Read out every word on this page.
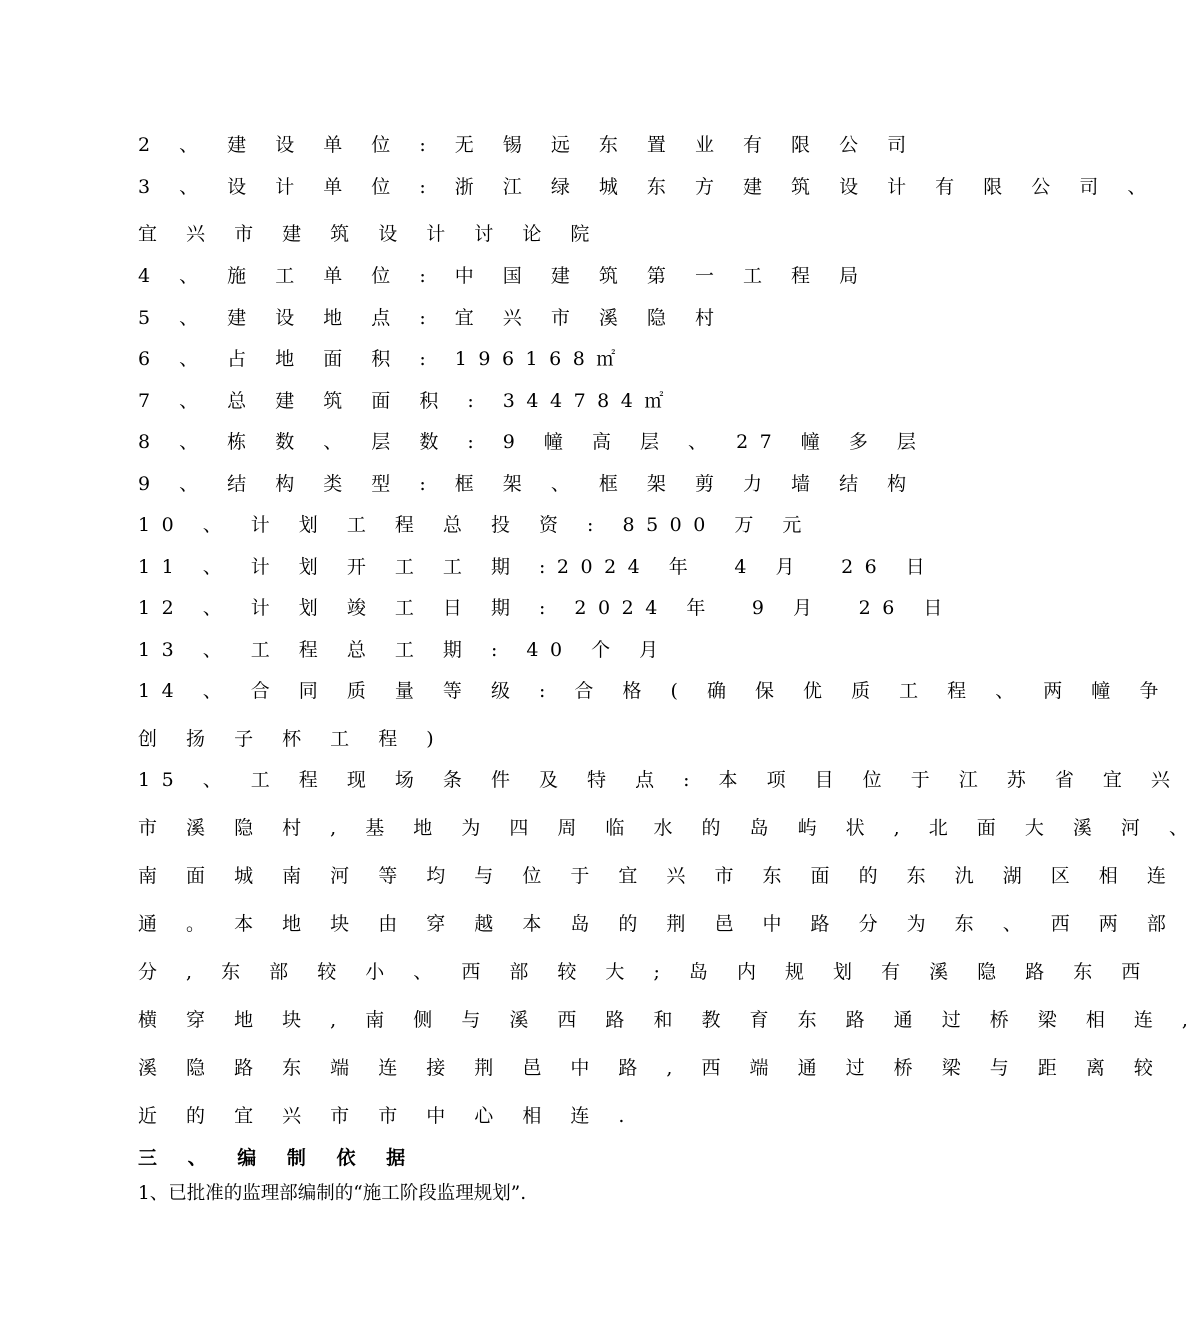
2 、 建 设 单 位 : 无 锡 远 东 置 业 有 限 公 司
3 、 设 计 单 位 : 浙 江 绿 城 东 方 建 筑 设 计 有 限 公 司 、
宜 兴 市 建 筑 设 计 讨 论 院
4 、 施 工 单 位 : 中 国 建 筑 第 一 工 程 局
5 、 建 设 地 点 : 宜 兴 市 溪 隐 村
6 、 占 地 面 积 : 196168㎡
7 、 总 建 筑 面 积 : 344784㎡
8 、 栋 数 、 层 数 : 9 幢 高 层 、 27 幢 多 层
9 、 结 构 类 型 : 框 架 、 框 架 剪 力 墙 结 构
10 、 计 划 工 程 总 投 资 : 8500 万 元
11 、 计 划 开 工 工 期 :2024 年  4 月  26 日
12 、 计 划 竣 工 日 期 : 2024 年  9 月  26 日
13 、 工 程 总 工 期 : 40 个 月
14 、 合 同 质 量 等 级 : 合 格 ( 确 保 优 质 工 程 、 两 幢 争
创 扬 子 杯 工 程 )
15 、 工 程 现 场 条 件 及 特 点 : 本 项 目 位 于 江 苏 省 宜 兴
市 溪 隐 村 , 基 地 为 四 周 临 水 的 岛 屿 状 , 北 面 大 溪 河 、
南 面 城 南 河 等 均 与 位 于 宜 兴 市 东 面 的 东 氿 湖 区 相 连
通 。 本 地 块 由 穿 越 本 岛 的 荆 邑 中 路 分 为 东 、 西 两 部
分 , 东 部 较 小 、 西 部 较 大 ; 岛 内 规 划 有 溪 隐 路 东 西
横 穿 地 块 , 南 侧 与 溪 西 路 和 教 育 东 路 通 过 桥 梁 相 连 ,
溪 隐 路 东 端 连 接 荆 邑 中 路 , 西 端 通 过 桥 梁 与 距 离 较
近 的 宜 兴 市 市 中 心 相 连 .
三 、 编 制 依 据
1、已批准的监理部编制的“施工阶段监理规划”.
